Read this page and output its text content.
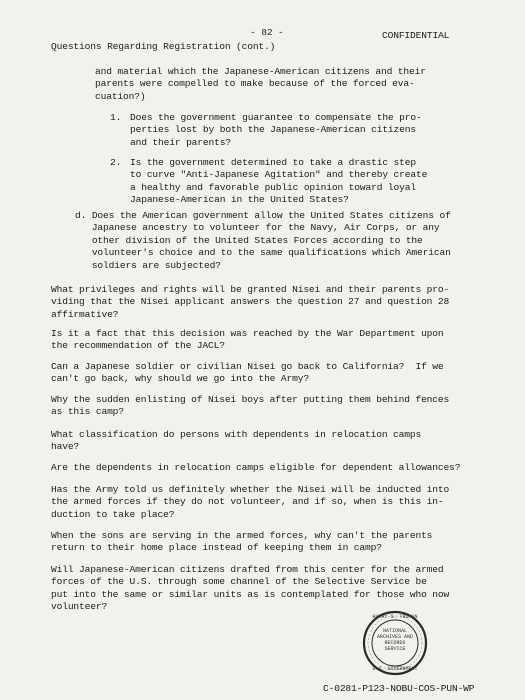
- 82 -	CONFIDENTIAL
Questions Regarding Registration (cont.)
and material which the Japanese-American citizens and their
parents were compelled to make because of the forced eva-
cuation?)
1. Does the government guarantee to compensate the pro-
perties lost by both the Japanese-American citizens
and their parents?
2. Is the government determined to take a drastic step
to curve "Anti-Japanese Agitation" and thereby create
a healthy and favorable public opinion toward loyal
Japanese-American in the United States?
d. Does the American government allow the United States citizens of
Japanese ancestry to volunteer for the Navy, Air Corps, or any
other division of the United States Forces according to the
volunteer's choice and to the same qualifications which American
soldiers are subjected?
What privileges and rights will be granted Nisei and their parents pro-
viding that the Nisei applicant answers the question 27 and question 28
affirmative?
Is it a fact that this decision was reached by the War Department upon
the recommendation of the JACL?
Can a Japanese soldier or civilian Nisei go back to California?  If we
can't go back, why should we go into the Army?
Why the sudden enlisting of Nisei boys after putting them behind fences
as this camp?
What classification do persons with dependents in relocation camps
have?
Are the dependents in relocation camps eligible for dependent allowances?
Has the Army told us definitely whether the Nisei will be inducted into
the armed forces if they do not volunteer, and if so, when is this in-
duction to take place?
When the sons are serving in the armed forces, why can't the parents
return to their home place instead of keeping them in camp?
Will Japanese-American citizens drafted from this center for the armed
forces of the U.S. through some channel of the Selective Service be
put into the same or similar units as is contemplated for those who now
volunteer?
HARRY S. TRUMAN
NATIONAL
ARCHIVES AND
RECORDS
SERVICE
U.S. GOVERNMENT
C-0281-P123-NOBU-COS-PUN-WP
